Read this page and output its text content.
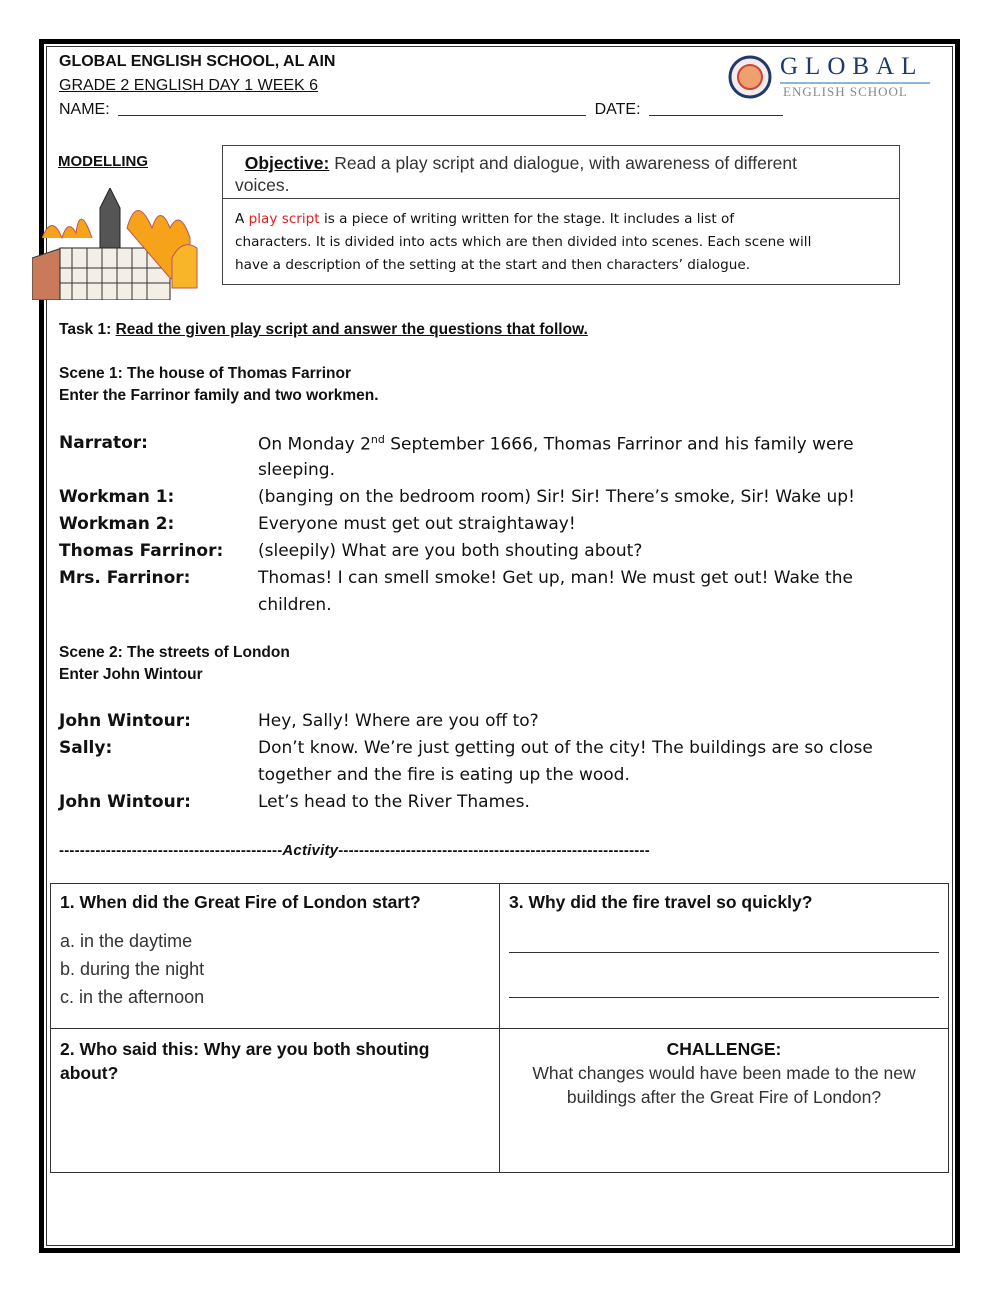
GLOBAL ENGLISH SCHOOL, AL AIN
GRADE 2 ENGLISH DAY 1 WEEK 6
NAME:	DATE:
GLOBAL
ENGLISH SCHOOL
MODELLING	Objective: Read a play script and dialogue, with awareness of different
voices.
A play script is a piece of writing written for the stage. It includes a list of
characters. It is divided into acts which are then divided into scenes. Each scene will
have a description of the setting at the start and then characters’ dialogue.
Task 1: Read the given play script and answer the questions that follow.
Scene 1: The house of Thomas Farrinor
Enter the Farrinor family and two workmen.
Narrator:	On Monday 2nd September 1666, Thomas Farrinor and his family were
sleeping.
Workman 1:	(banging on the bedroom room) Sir! Sir! There’s smoke, Sir! Wake up!
Workman 2:	Everyone must get out straightaway!
Thomas Farrinor: (sleepily) What are you both shouting about?
Mrs. Farrinor:	Thomas! I can smell smoke! Get up, man! We must get out! Wake the
children.
Scene 2: The streets of London
Enter John Wintour
John Wintour:	Hey, Sally! Where are you off to?
Sally:	Don’t know. We’re just getting out of the city! The buildings are so close
together and the fire is eating up the wood.
John Wintour:	Let’s head to the River Thames.
-------------------------------------------Activity------------------------------------------------------------
1. When did the Great Fire of London start?
a. in the daytime
b. during the night
c. in the afternoon	3. Why did the fire travel so quickly?

2. Who said this: Why are you both shouting about?	CHALLENGE:
What changes would have been made to the new buildings after the Great Fire of London?
